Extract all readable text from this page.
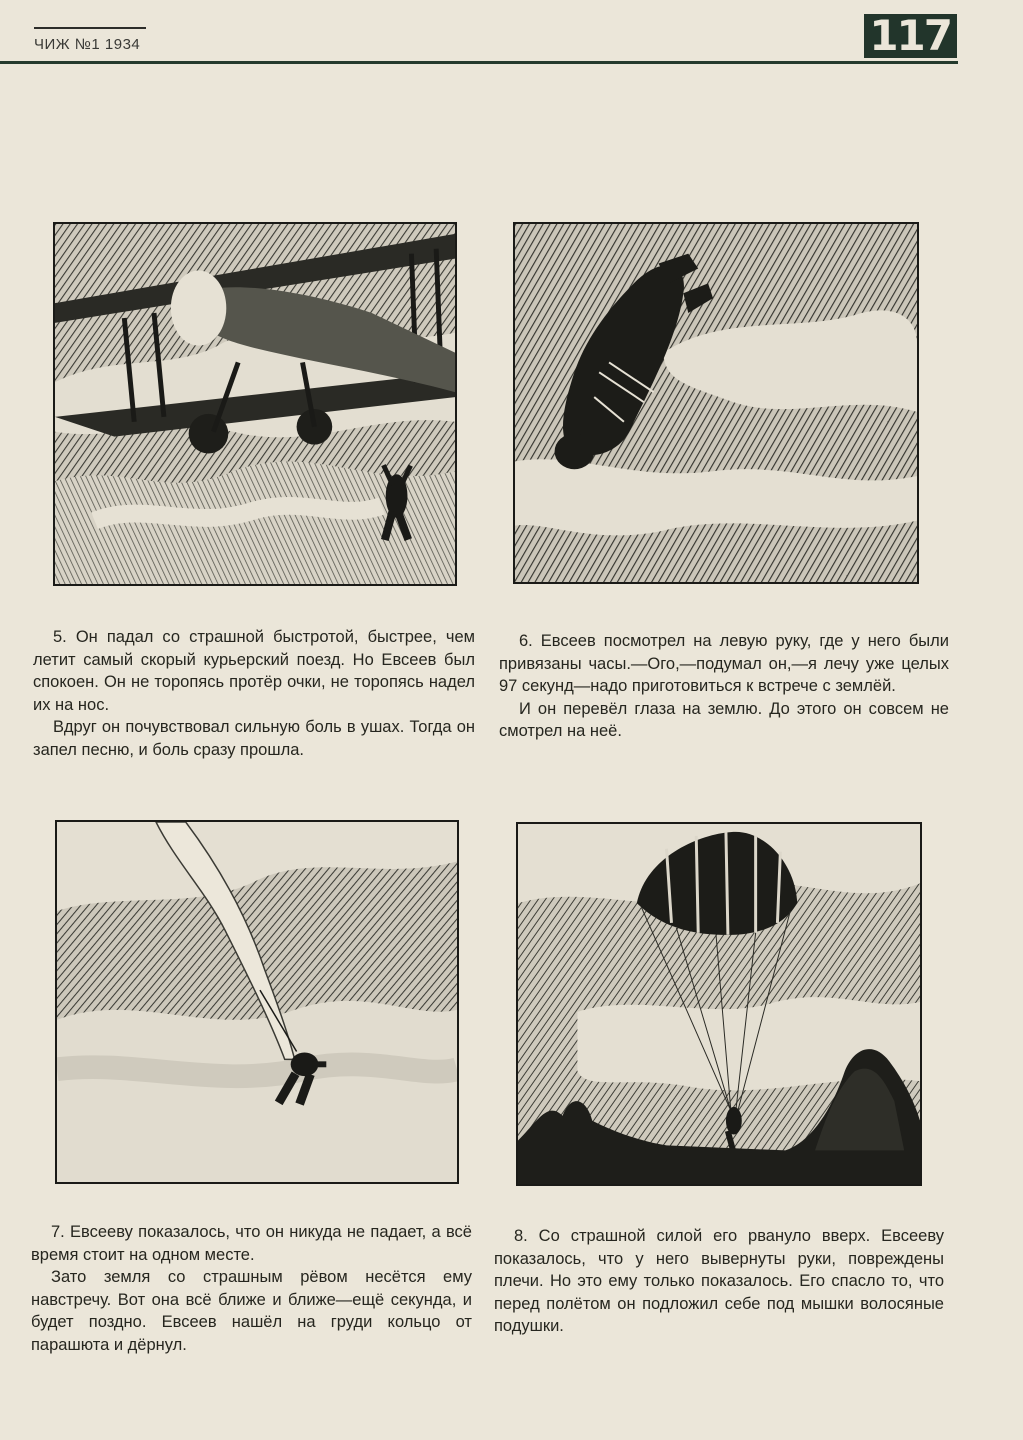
ЧИЖ №1 1934	117

5. Он падал со страшной быстротой, быстрее, чем летит самый скорый курьерский поезд. Но Евсеев был спокоен. Он не торопясь протёр очки, не торопясь надел их на нос.

Вдруг он почувствовал сильную боль в ушах. Тогда он запел песню, и боль сразу прошла.

6. Евсеев посмотрел на левую руку, где у него были привязаны часы.—Ого,—подумал он,—я лечу уже целых 97 секунд—надо приготовиться к встрече с землёй.

И он перевёл глаза на землю. До этого он совсем не смотрел на неё.

7. Евсееву показалось, что он никуда не падает, а всё время стоит на одном месте.

Зато земля со страшным рёвом несётся ему навстречу. Вот она всё ближе и ближе—ещё секунда, и будет поздно. Евсеев нашёл на груди кольцо от парашюта и дёрнул.

8. Со страшной силой его рвануло вверх. Евсееву показалось, что у него вывернуты руки, повреждены плечи. Но это ему только показалось. Его спасло то, что перед полётом он подложил себе под мышки волосяные подушки.
